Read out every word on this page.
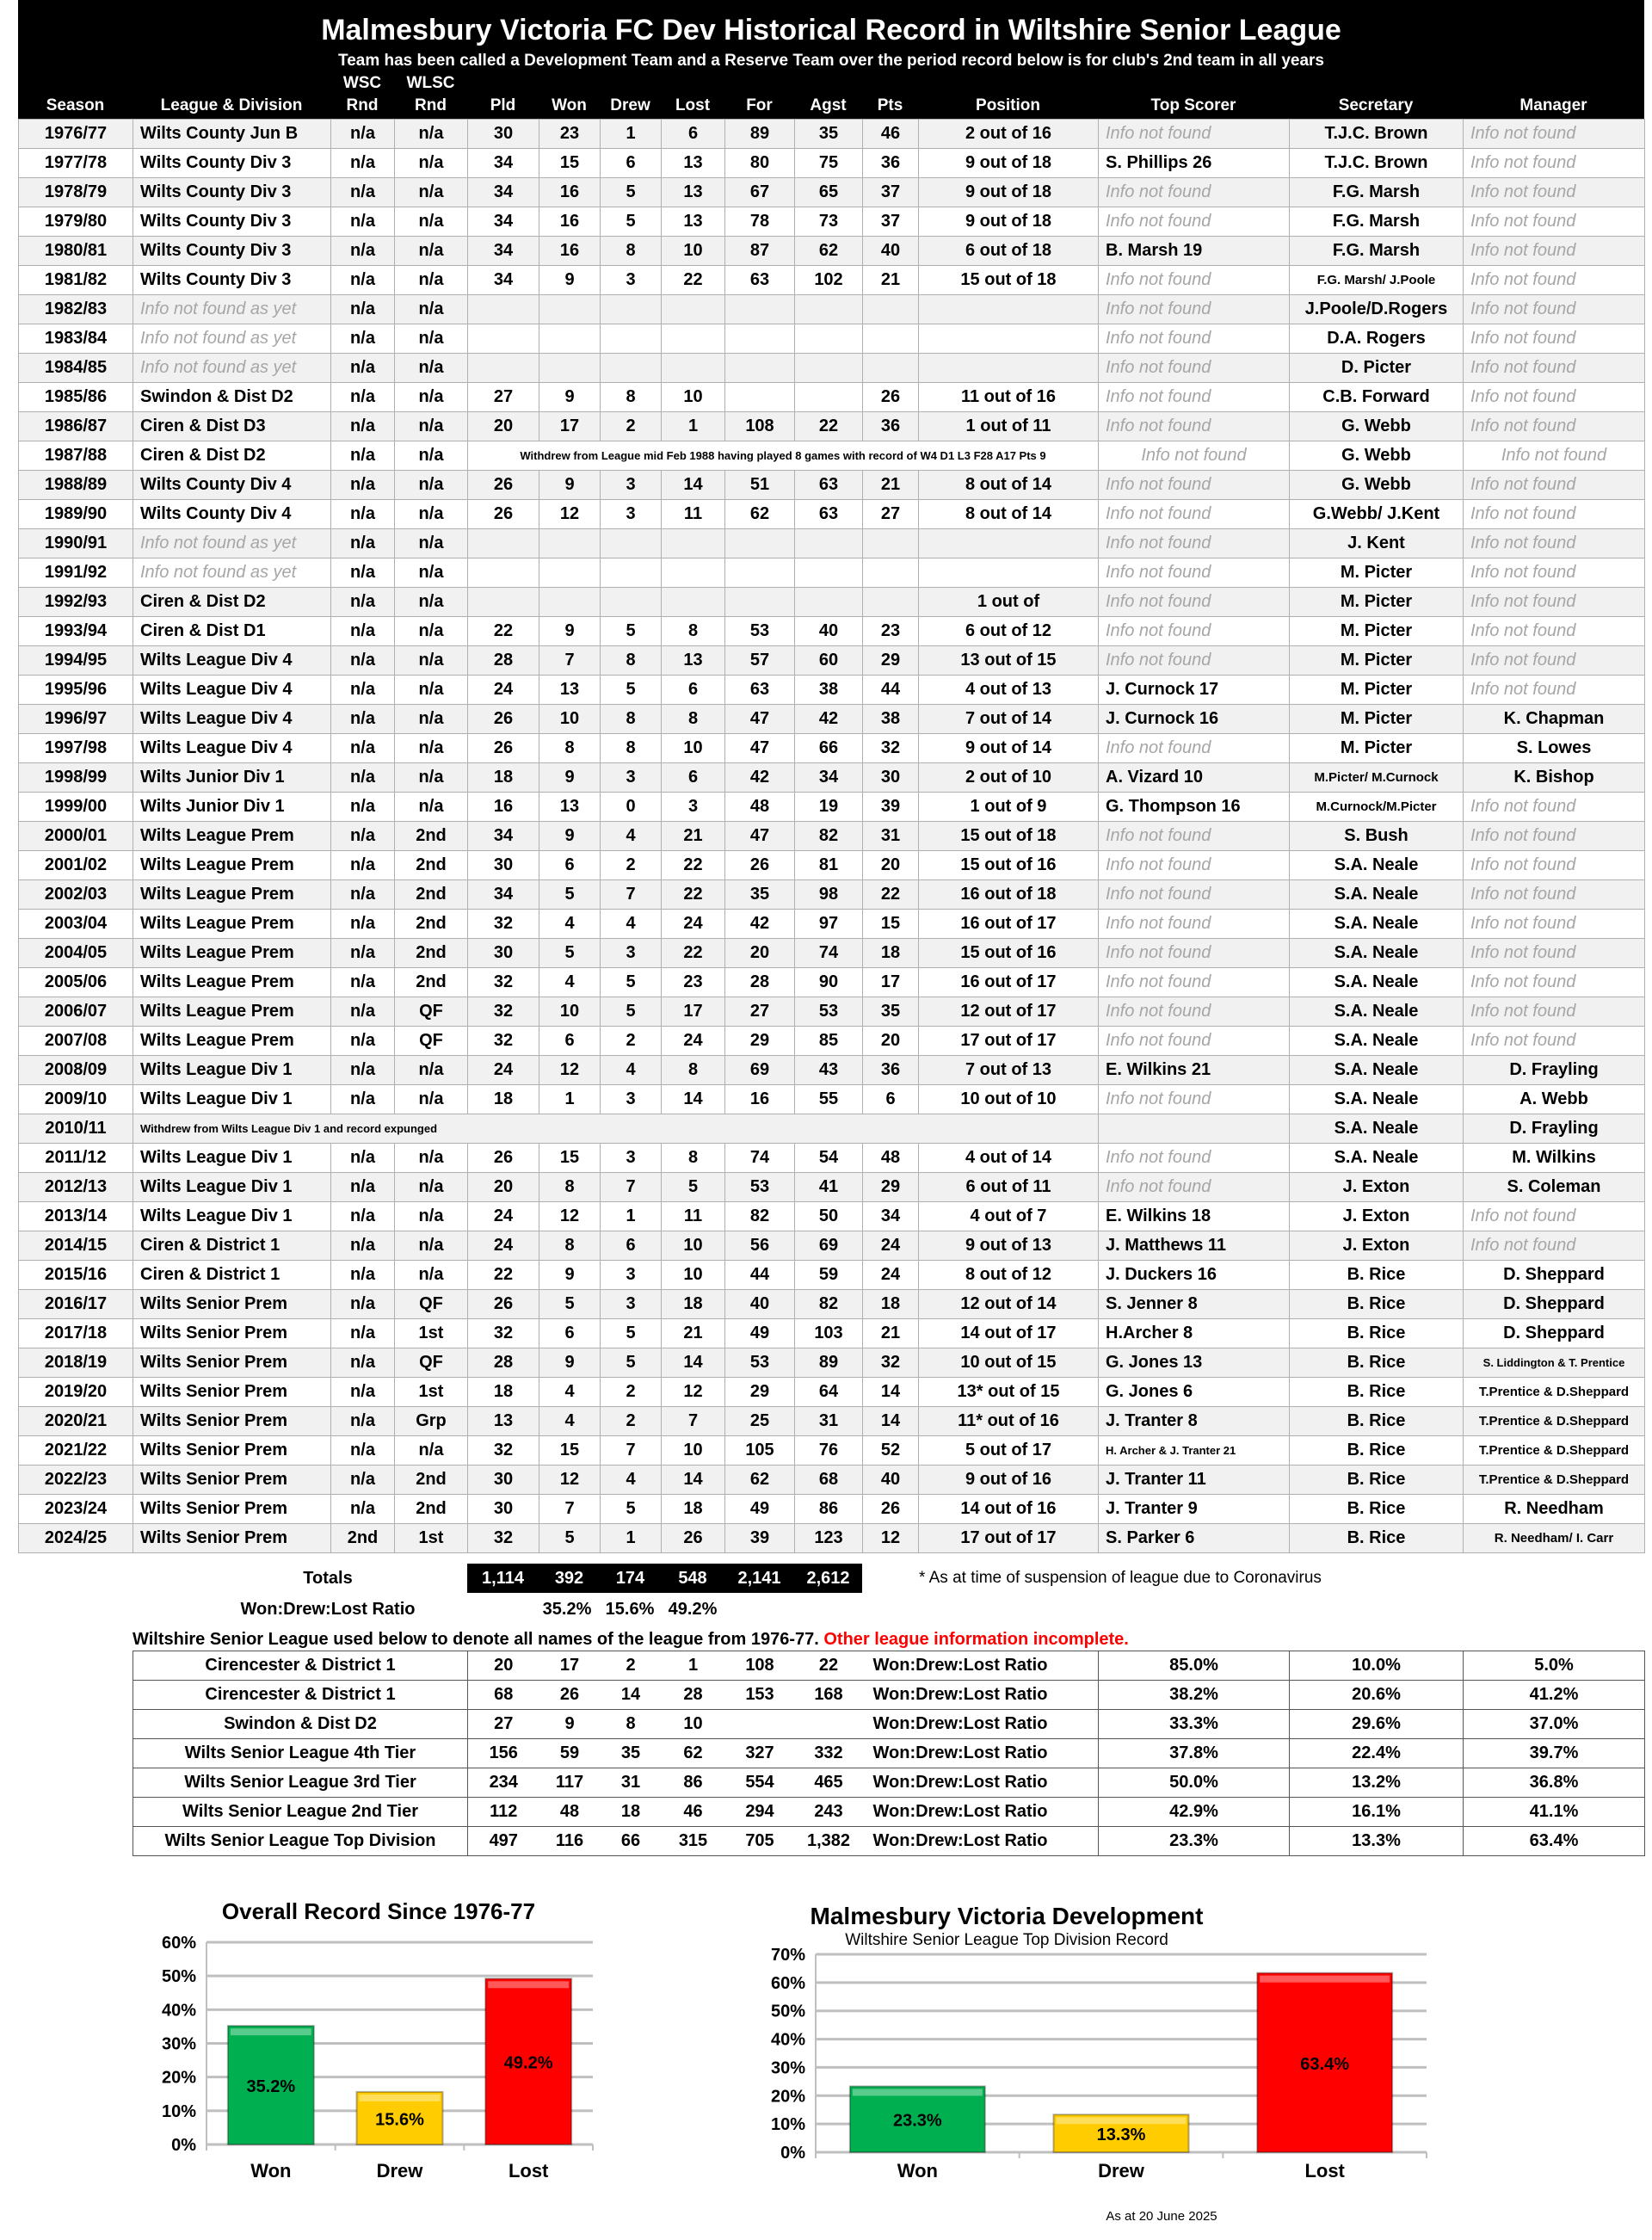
Malmesbury Victoria FC Dev Historical Record in Wiltshire Senior League
Team has been called a Development Team and a Reserve Team over the period record below is for club's 2nd team in all years
WSC	WLSC
Season	League & Division	Rnd	Rnd	Pld	Won	Drew	Lost	For	Agst	Pts	Position	Top Scorer	Secretary	Manager
1976/77	Wilts County Jun B	n/a	n/a	30	23	1	6	89	35	46	2 out of 16	Info not found	T.J.C. Brown	Info not found
1977/78	Wilts County Div 3	n/a	n/a	34	15	6	13	80	75	36	9 out of 18	S. Phillips 26	T.J.C. Brown	Info not found
1978/79	Wilts County Div 3	n/a	n/a	34	16	5	13	67	65	37	9 out of 18	Info not found	F.G. Marsh	Info not found
1979/80	Wilts County Div 3	n/a	n/a	34	16	5	13	78	73	37	9 out of 18	Info not found	F.G. Marsh	Info not found
1980/81	Wilts County Div 3	n/a	n/a	34	16	8	10	87	62	40	6 out of 18	B. Marsh 19	F.G. Marsh	Info not found
1981/82	Wilts County Div 3	n/a	n/a	34	9	3	22	63	102	21	15 out of 18	Info not found	F.G. Marsh/ J.Poole	Info not found
1982/83	Info not found as yet	n/a	n/a									Info not found	J.Poole/D.Rogers	Info not found
1983/84	Info not found as yet	n/a	n/a									Info not found	D.A. Rogers	Info not found
1984/85	Info not found as yet	n/a	n/a									Info not found	D. Picter	Info not found
1985/86	Swindon & Dist D2	n/a	n/a	27	9	8	10			26	11 out of 16	Info not found	C.B. Forward	Info not found
1986/87	Ciren & Dist D3	n/a	n/a	20	17	2	1	108	22	36	1 out of 11	Info not found	G. Webb	Info not found
1987/88	Ciren & Dist D2	n/a	n/a	Withdrew from League mid Feb 1988 having played 8 games with record of W4 D1 L3 F28 A17 Pts 9								Info not found	G. Webb	Info not found
1988/89	Wilts County Div 4	n/a	n/a	26	9	3	14	51	63	21	8 out of 14	Info not found	G. Webb	Info not found
1989/90	Wilts County Div 4	n/a	n/a	26	12	3	11	62	63	27	8 out of 14	Info not found	G.Webb/ J.Kent	Info not found
1990/91	Info not found as yet	n/a	n/a									Info not found	J. Kent	Info not found
1991/92	Info not found as yet	n/a	n/a									Info not found	M. Picter	Info not found
1992/93	Ciren & Dist D2	n/a	n/a								1 out of	Info not found	M. Picter	Info not found
1993/94	Ciren & Dist D1	n/a	n/a	22	9	5	8	53	40	23	6 out of 12	Info not found	M. Picter	Info not found
1994/95	Wilts League Div 4	n/a	n/a	28	7	8	13	57	60	29	13 out of 15	Info not found	M. Picter	Info not found
1995/96	Wilts League Div 4	n/a	n/a	24	13	5	6	63	38	44	4 out of 13	J. Curnock 17	M. Picter	Info not found
1996/97	Wilts League Div 4	n/a	n/a	26	10	8	8	47	42	38	7 out of 14	J. Curnock 16	M. Picter	K. Chapman
1997/98	Wilts League Div 4	n/a	n/a	26	8	8	10	47	66	32	9 out of 14	Info not found	M. Picter	S. Lowes
1998/99	Wilts Junior Div 1	n/a	n/a	18	9	3	6	42	34	30	2 out of 10	A. Vizard 10	M.Picter/ M.Curnock	K. Bishop
1999/00	Wilts Junior Div 1	n/a	n/a	16	13	0	3	48	19	39	1 out of 9	G. Thompson 16	M.Curnock/M.Picter	Info not found
2000/01	Wilts League Prem	n/a	2nd	34	9	4	21	47	82	31	15 out of 18	Info not found	S. Bush	Info not found
2001/02	Wilts League Prem	n/a	2nd	30	6	2	22	26	81	20	15 out of 16	Info not found	S.A. Neale	Info not found
2002/03	Wilts League Prem	n/a	2nd	34	5	7	22	35	98	22	16 out of 18	Info not found	S.A. Neale	Info not found
2003/04	Wilts League Prem	n/a	2nd	32	4	4	24	42	97	15	16 out of 17	Info not found	S.A. Neale	Info not found
2004/05	Wilts League Prem	n/a	2nd	30	5	3	22	20	74	18	15 out of 16	Info not found	S.A. Neale	Info not found
2005/06	Wilts League Prem	n/a	2nd	32	4	5	23	28	90	17	16 out of 17	Info not found	S.A. Neale	Info not found
2006/07	Wilts League Prem	n/a	QF	32	10	5	17	27	53	35	12 out of 17	Info not found	S.A. Neale	Info not found
2007/08	Wilts League Prem	n/a	QF	32	6	2	24	29	85	20	17 out of 17	Info not found	S.A. Neale	Info not found
2008/09	Wilts League Div 1	n/a	n/a	24	12	4	8	69	43	36	7 out of 13	E. Wilkins 21	S.A. Neale	D. Frayling
2009/10	Wilts League Div 1	n/a	n/a	18	1	3	14	16	55	6	10 out of 10	Info not found	S.A. Neale	A. Webb
2010/11	Withdrew from Wilts League Div 1 and record expunged												S.A. Neale	D. Frayling
2011/12	Wilts League Div 1	n/a	n/a	26	15	3	8	74	54	48	4 out of 14	Info not found	S.A. Neale	M. Wilkins
2012/13	Wilts League Div 1	n/a	n/a	20	8	7	5	53	41	29	6 out of 11	Info not found	J. Exton	S. Coleman
2013/14	Wilts League Div 1	n/a	n/a	24	12	1	11	82	50	34	4 out of 7	E. Wilkins 18	J. Exton	Info not found
2014/15	Ciren & District 1	n/a	n/a	24	8	6	10	56	69	24	9 out of 13	J. Matthews 11	J. Exton	Info not found
2015/16	Ciren & District 1	n/a	n/a	22	9	3	10	44	59	24	8 out of 12	J. Duckers 16	B. Rice	D. Sheppard
2016/17	Wilts Senior Prem	n/a	QF	26	5	3	18	40	82	18	12 out of 14	S. Jenner 8	B. Rice	D. Sheppard
2017/18	Wilts Senior Prem	n/a	1st	32	6	5	21	49	103	21	14 out of 17	H.Archer 8	B. Rice	D. Sheppard
2018/19	Wilts Senior Prem	n/a	QF	28	9	5	14	53	89	32	10 out of 15	G. Jones 13	B. Rice	S. Liddington & T. Prentice
2019/20	Wilts Senior Prem	n/a	1st	18	4	2	12	29	64	14	13* out of 15	G. Jones 6	B. Rice	T.Prentice & D.Sheppard
2020/21	Wilts Senior Prem	n/a	Grp	13	4	2	7	25	31	14	11* out of 16	J. Tranter 8	B. Rice	T.Prentice & D.Sheppard
2021/22	Wilts Senior Prem	n/a	n/a	32	15	7	10	105	76	52	5 out of 17	H. Archer & J. Tranter 21	B. Rice	T.Prentice & D.Sheppard
2022/23	Wilts Senior Prem	n/a	2nd	30	12	4	14	62	68	40	9 out of 16	J. Tranter 11	B. Rice	T.Prentice & D.Sheppard
2023/24	Wilts Senior Prem	n/a	2nd	30	7	5	18	49	86	26	14 out of 16	J. Tranter 9	B. Rice	R. Needham
2024/25	Wilts Senior Prem	2nd	1st	32	5	1	26	39	123	12	17 out of 17	S. Parker 6	B. Rice	R. Needham/ I. Carr
Totals	1,114	392	174	548	2,141	2,612	* As at time of suspension of league due to Coronavirus
Won:Drew:Lost Ratio	35.2% 15.6% 49.2%
Wiltshire Senior League used below to denote all names of the league from 1976-77. Other league information incomplete.
Cirencester & District 1	20	17	2	1	108	22	Won:Drew:Lost Ratio	85.0%	10.0%	5.0%
Cirencester & District 1	68	26	14	28	153	168	Won:Drew:Lost Ratio	38.2%	20.6%	41.2%
Swindon & Dist D2	27	9	8	10			Won:Drew:Lost Ratio	33.3%	29.6%	37.0%
Wilts Senior League 4th Tier	156	59	35	62	327	332	Won:Drew:Lost Ratio	37.8%	22.4%	39.7%
Wilts Senior League 3rd Tier	234	117	31	86	554	465	Won:Drew:Lost Ratio	50.0%	13.2%	36.8%
Wilts Senior League 2nd Tier	112	48	18	46	294	243	Won:Drew:Lost Ratio	42.9%	16.1%	41.1%
Wilts Senior League Top Division	497	116	66	315	705	1,382	Won:Drew:Lost Ratio	23.3%	13.3%	63.4%
Overall Record Since 1976-77
0%
10%
20%
30%
40%
50%
60%
35.2%
Won
15.6%
Drew
49.2%
Lost
Malmesbury Victoria Development
Wiltshire Senior League Top Division Record
0%
10%
20%
30%
40%
50%
60%
70%
23.3%
Won
13.3%
Drew
63.4%
Lost
As at 20 June 2025
